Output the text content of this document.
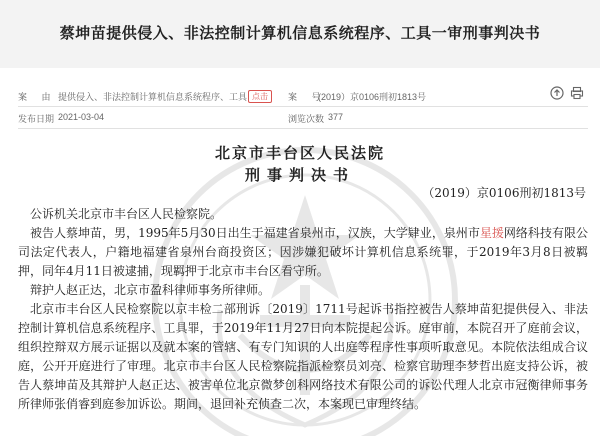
蔡坤苗提供侵入、非法控制计算机信息系统程序、工具一审刑事判决书
案 由 提供侵入、非法控制计算机信息系统程序、工具 点击	案 号
(2019）京0106刑初1813号
发布日期 2021-03-04	浏览次数 377
北京市丰台区人民法院
刑事判决书
（2019）京0106刑初1813号
公诉机关北京市丰台区人民检察院。
被告人蔡坤苗，男，1995年5月30日出生于福建省泉州市，汉族，大学肄业，泉州市星援网络科技有限公司法定代表人，户籍地福建省泉州台商投资区；因涉嫌犯破坏计算机信息系统罪，于2019年3月8日被羁押，同年4月11日被逮捕，现羁押于北京市丰台区看守所。
辩护人赵正达，北京市盈科律师事务所律师。
北京市丰台区人民检察院以京丰检二部刑诉〔2019〕1711号起诉书指控被告人蔡坤苗犯提供侵入、非法控制计算机信息系统程序、工具罪，于2019年11月27日向本院提起公诉。庭审前，本院召开了庭前会议，组织控辩双方展示证据以及就本案的管辖、有专门知识的人出庭等程序性事项听取意见。本院依法组成合议庭，公开开庭进行了审理。北京市丰台区人民检察院指派检察员刘亮、检察官助理李梦哲出庭支持公诉，被告人蔡坤苗及其辩护人赵正达、被害单位北京微梦创科网络技术有限公司的诉讼代理人北京市冠衡律师事务所律师张俏睿到庭参加诉讼。期间，退回补充侦查二次，本案现已审理终结。
